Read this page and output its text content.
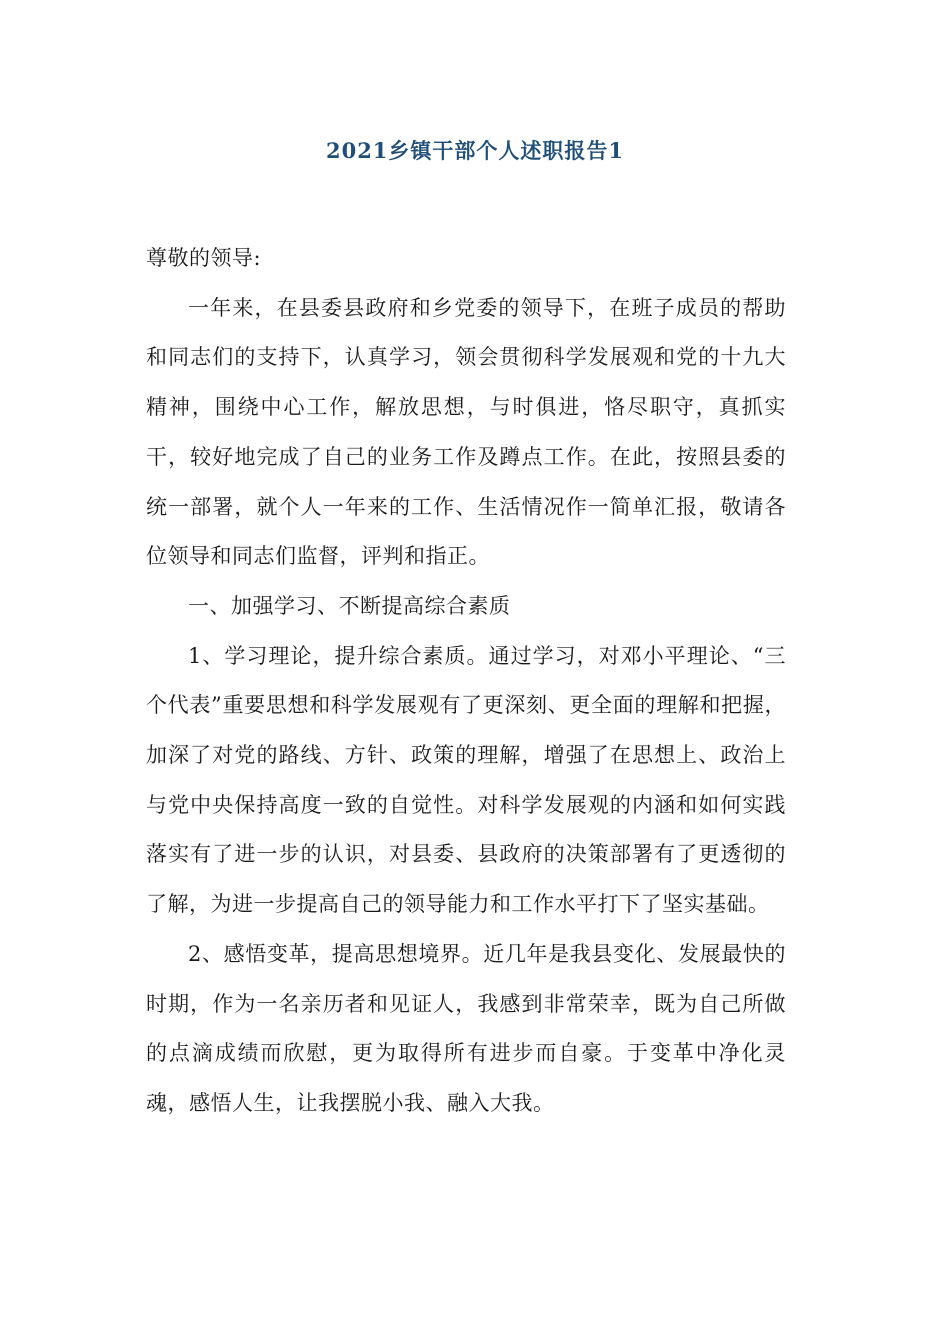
2021乡镇干部个人述职报告1

尊敬的领导:

一年来，在县委县政府和乡党委的领导下，在班子成员的帮助和同志们的支持下，认真学习，领会贯彻科学发展观和党的十九大精神，围绕中心工作，解放思想，与时俱进，恪尽职守，真抓实干，较好地完成了自己的业务工作及蹲点工作。在此，按照县委的统一部署，就个人一年来的工作、生活情况作一简单汇报，敬请各位领导和同志们监督，评判和指正。

一、加强学习、不断提高综合素质

1、学习理论，提升综合素质。通过学习，对邓小平理论、“三个代表”重要思想和科学发展观有了更深刻、更全面的理解和把握，加深了对党的路线、方针、政策的理解，增强了在思想上、政治上与党中央保持高度一致的自觉性。对科学发展观的内涵和如何实践落实有了进一步的认识，对县委、县政府的决策部署有了更透彻的了解，为进一步提高自己的领导能力和工作水平打下了坚实基础。

2、感悟变革，提高思想境界。近几年是我县变化、发展最快的时期，作为一名亲历者和见证人，我感到非常荣幸，既为自己所做的点滴成绩而欣慰，更为取得所有进步而自豪。于变革中净化灵魂，感悟人生，让我摆脱小我、融入大我。
